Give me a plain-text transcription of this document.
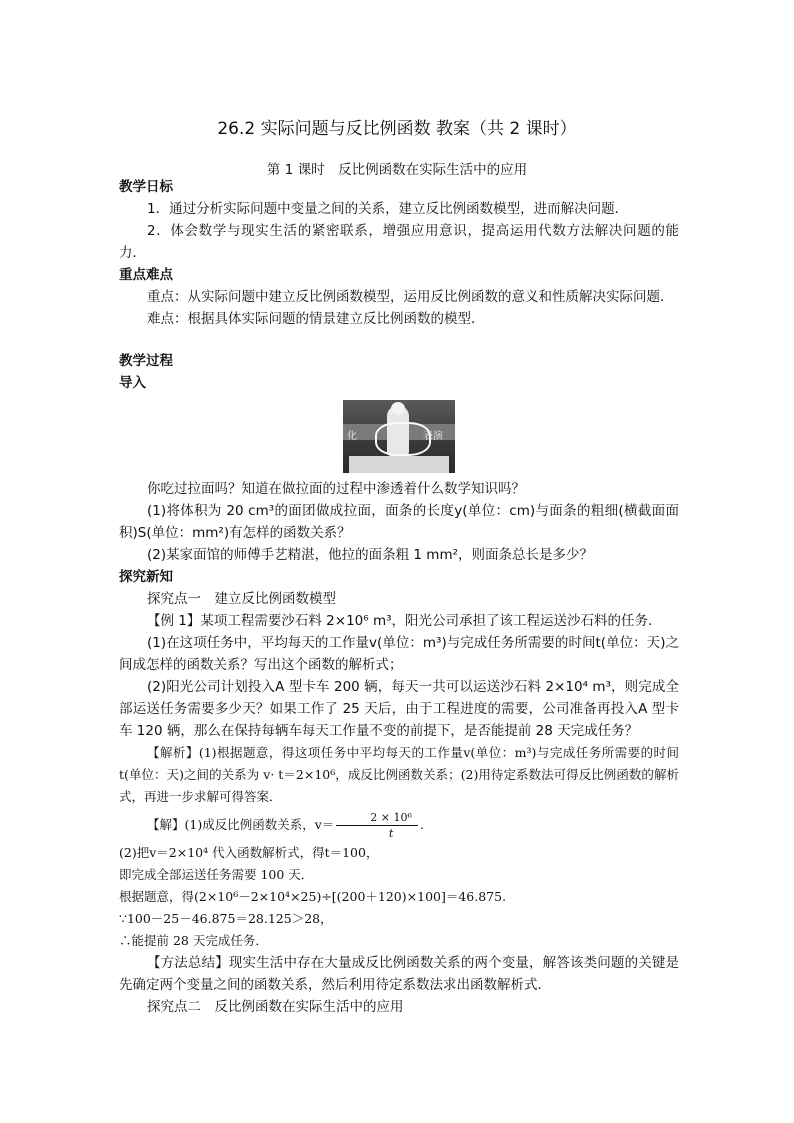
26.2 实际问题与反比例函数 教案（共 2 课时）
第 1 课时　反比例函数在实际生活中的应用

教学日标

1．通过分析实际问题中变量之间的关系，建立反比例函数模型，进而解决问题．

2．体会数学与现实生活的紧密联系，增强应用意识，提高运用代数方法解决问题的能力．

重点难点

重点：从实际问题中建立反比例函数模型，运用反比例函数的意义和性质解决实际问题．

难点：根据具体实际问题的情景建立反比例函数的模型．

教学过程

导入

化	表演

你吃过拉面吗？知道在做拉面的过程中渗透着什么数学知识吗？

(1)将体积为 20 cm³的面团做成拉面，面条的长度y(单位：cm)与面条的粗细(横截面面积)S(单位：mm²)有怎样的函数关系？

(2)某家面馆的师傅手艺精湛，他拉的面条粗 1 mm²，则面条总长是多少？

探究新知

探究点一　建立反比例函数模型

【例 1】某项工程需要沙石料 2×10⁶ m³，阳光公司承担了该工程运送沙石料的任务．

(1)在这项任务中，平均每天的工作量v(单位：m³)与完成任务所需要的时间t(单位：天)之间成怎样的函数关系？写出这个函数的解析式；

(2)阳光公司计划投入A 型卡车 200 辆，每天一共可以运送沙石料 2×10⁴ m³，则完成全部运送任务需要多少天？如果工作了 25 天后，由于工程进度的需要，公司准备再投入A 型卡车 120 辆，那么在保持每辆车每天工作量不变的前提下，是否能提前 28 天完成任务？

【解析】(1)根据题意，得这项任务中平均每天的工作量v(单位：m³)与完成任务所需要的时间t(单位：天)之间的关系为 v· t＝2×10⁶，成反比例函数关系；(2)用待定系数法可得反比例函数的解析式，再进一步求解可得答案．

【解】(1)成反比例函数关系，$v= \frac{\text{2 × 10⁶}}{t}$ .

(2)把v＝2×10⁴ 代入函数解析式，得t＝100，

即完成全部运送任务需要 100 天．

根据题意，得(2×10⁶－2×10⁴×25)÷[(200＋120)×100]＝46.875.

∵100－25－46.875＝28.125＞28，

∴能提前 28 天完成任务．

【方法总结】现实生活中存在大量成反比例函数关系的两个变量，解答该类问题的关键是先确定两个变量之间的函数关系，然后利用待定系数法求出函数解析式．

探究点二　反比例函数在实际生活中的应用
